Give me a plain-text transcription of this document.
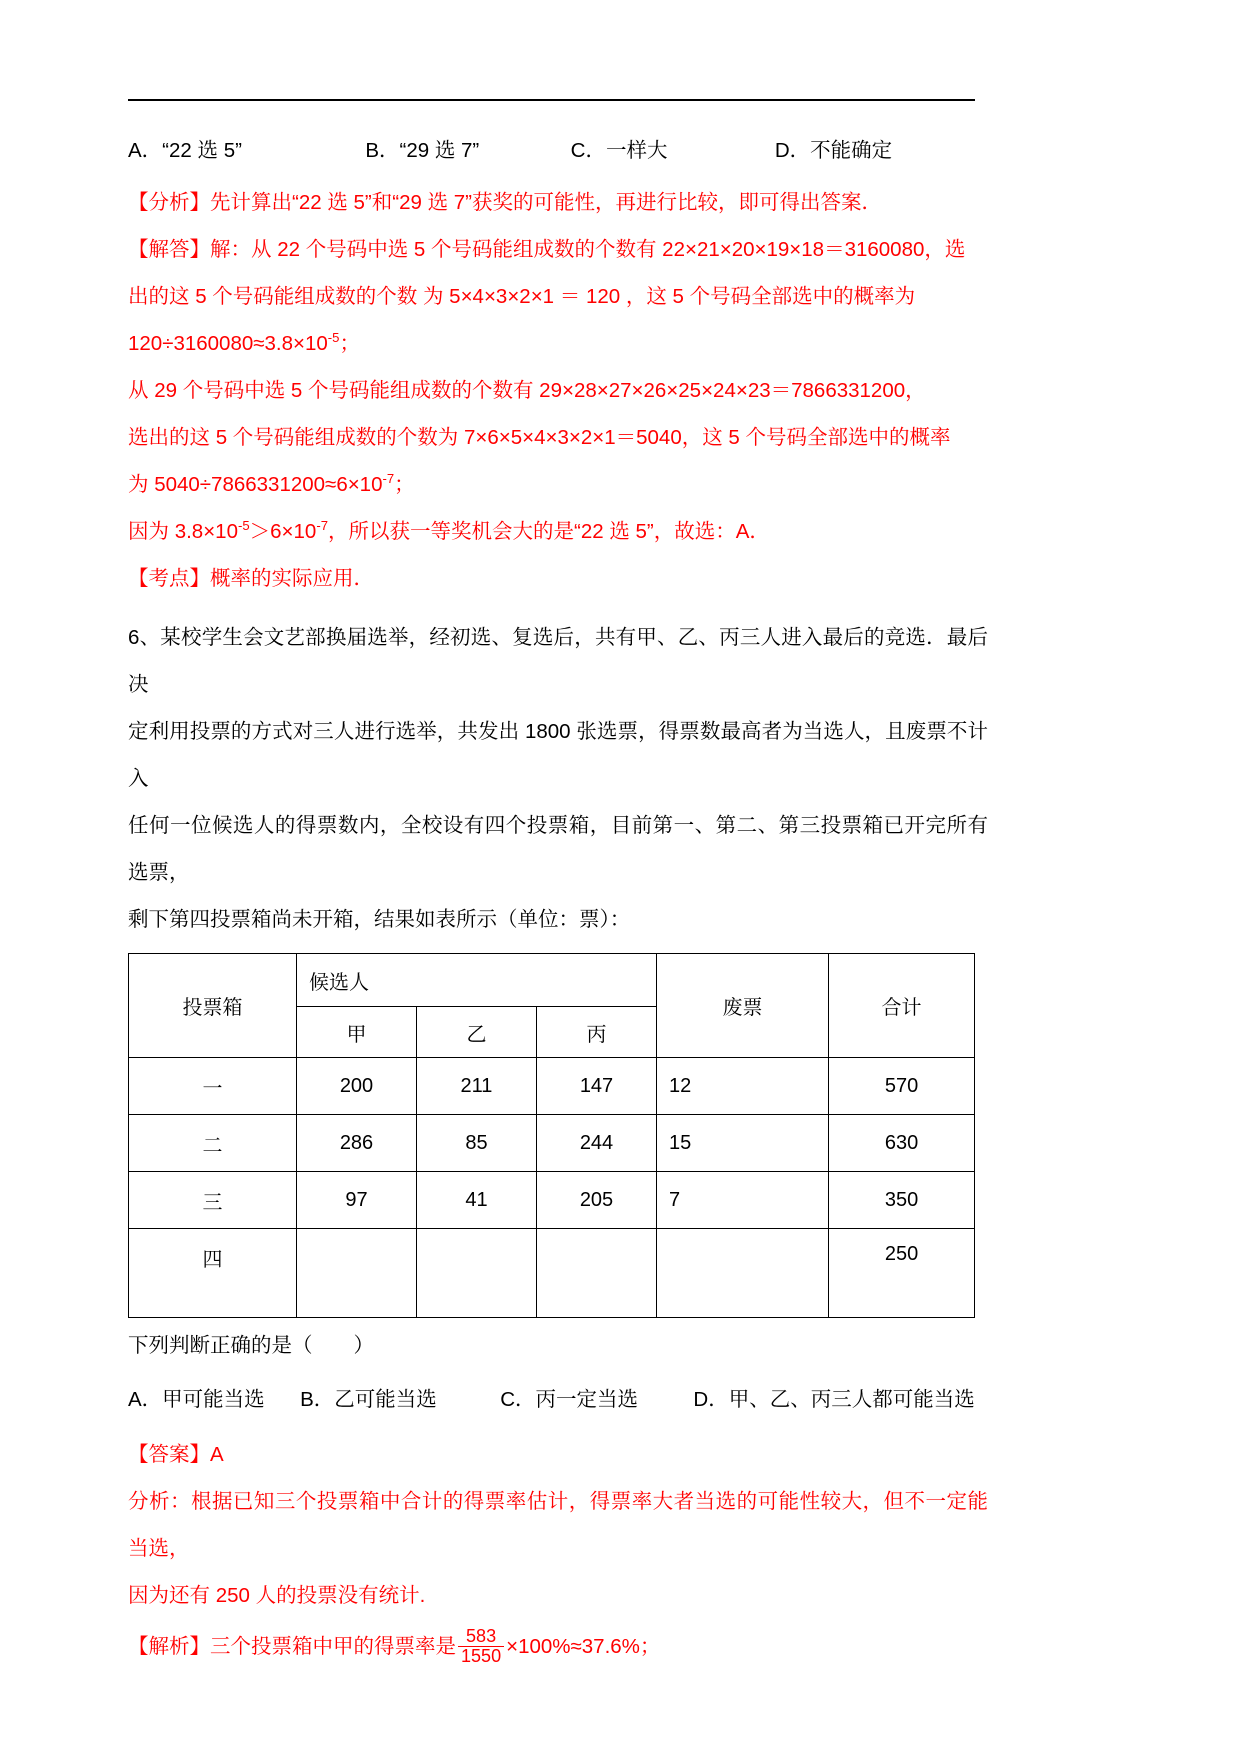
A．“22 选 5”	B．“29 选 7”	C．一样大	D．不能确定
【分析】先计算出“22 选 5”和“29 选 7”获奖的可能性，再进行比较，即可得出答案．
【解答】解：从 22 个号码中选 5 个号码能组成数的个数有 22×21×20×19×18＝3160080，选
出的这 5 个号码能组成数的个数 为 5×4×3×2×1 ＝ 120 ，这 5 个号码全部选中的概率为
$120\div 3160080\approx 3.8\times 10^{-5}$；
从 29 个号码中选 5 个号码能组成数的个数有 29×28×27×26×25×24×23＝7866331200，
选出的这 5 个号码能组成数的个数为 7×6×5×4×3×2×1＝5040，这 5 个号码全部选中的概率
为 $5040\div 7866331200\approx 6\times 10^{-7}$；
因为 $3.8\times 10^{-5}>6\times 10^{-7}$，所以获一等奖机会大的是“22 选 5”，故选：A．
【考点】概率的实际应用．
6、某校学生会文艺部换届选举，经初选、复选后，共有甲、乙、丙三人进入最后的竞选．最后决
定利用投票的方式对三人进行选举，共发出 1800 张选票，得票数最高者为当选人，且废票不计入
任何一位候选人的得票数内，全校设有四个投票箱，目前第一、第二、第三投票箱已开完所有选票，
剩下第四投票箱尚未开箱，结果如表所示（单位：票）：
投票箱	候选人			废票	合计
	甲	乙	丙		
一	200	211	147	12	570
二	286	85	244	15	630
三	97	41	205	7	350
四					250
下列判断正确的是（　　）
A．甲可能当选 B．乙可能当选	C．丙一定当选	D．甲、乙、丙三人都可能当选
【答案】A
分析：根据已知三个投票箱中合计的得票率估计，得票率大者当选的可能性较大，但不一定能当选，
因为还有 250 人的投票没有统计.
【解析】三个投票箱中甲的得票率是 $\frac{583}{1550} \times 100\%\approx 37.6\%$；
